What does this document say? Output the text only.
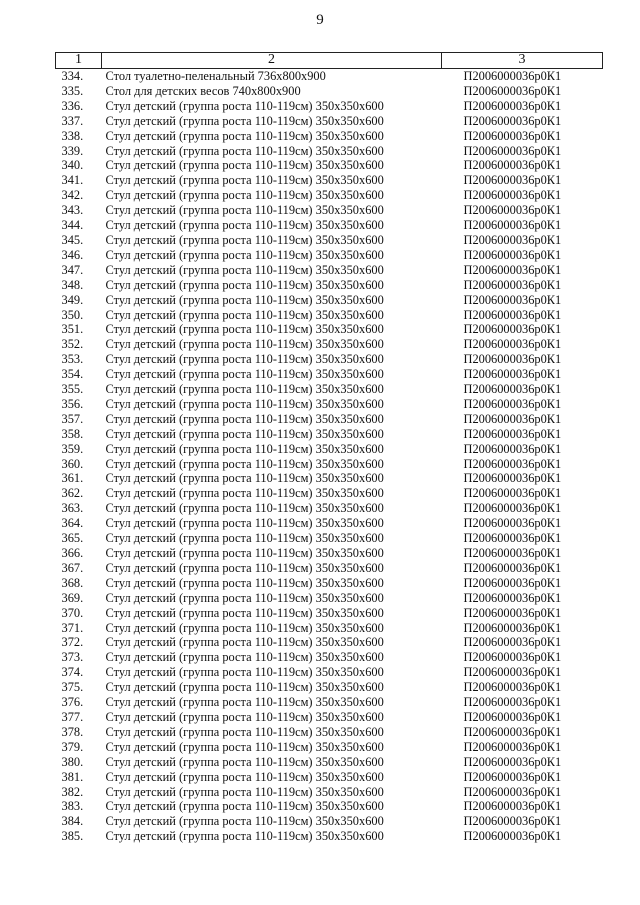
9
1	2	3
334.	Стол туалетно-пеленальный 736x800x900	П2006000036р0К1
335.	Стол для детских весов 740x800x900	П2006000036р0К1
336.	Стул детский (группа роста 110-119см) 350x350x600	П2006000036р0К1
337.	Стул детский (группа роста 110-119см) 350x350x600	П2006000036р0К1
338.	Стул детский (группа роста 110-119см) 350x350x600	П2006000036р0К1
339.	Стул детский (группа роста 110-119см) 350x350x600	П2006000036р0К1
340.	Стул детский (группа роста 110-119см) 350x350x600	П2006000036р0К1
341.	Стул детский (группа роста 110-119см) 350x350x600	П2006000036р0К1
342.	Стул детский (группа роста 110-119см) 350x350x600	П2006000036р0К1
343.	Стул детский (группа роста 110-119см) 350x350x600	П2006000036р0К1
344.	Стул детский (группа роста 110-119см) 350x350x600	П2006000036р0К1
345.	Стул детский (группа роста 110-119см) 350x350x600	П2006000036р0К1
346.	Стул детский (группа роста 110-119см) 350x350x600	П2006000036р0К1
347.	Стул детский (группа роста 110-119см) 350x350x600	П2006000036р0К1
348.	Стул детский (группа роста 110-119см) 350x350x600	П2006000036р0К1
349.	Стул детский (группа роста 110-119см) 350x350x600	П2006000036р0К1
350.	Стул детский (группа роста 110-119см) 350x350x600	П2006000036р0К1
351.	Стул детский (группа роста 110-119см) 350x350x600	П2006000036р0К1
352.	Стул детский (группа роста 110-119см) 350x350x600	П2006000036р0К1
353.	Стул детский (группа роста 110-119см) 350x350x600	П2006000036р0К1
354.	Стул детский (группа роста 110-119см) 350x350x600	П2006000036р0К1
355.	Стул детский (группа роста 110-119см) 350x350x600	П2006000036р0К1
356.	Стул детский (группа роста 110-119см) 350x350x600	П2006000036р0К1
357.	Стул детский (группа роста 110-119см) 350x350x600	П2006000036р0К1
358.	Стул детский (группа роста 110-119см) 350x350x600	П2006000036р0К1
359.	Стул детский (группа роста 110-119см) 350x350x600	П2006000036р0К1
360.	Стул детский (группа роста 110-119см) 350x350x600	П2006000036р0К1
361.	Стул детский (группа роста 110-119см) 350x350x600	П2006000036р0К1
362.	Стул детский (группа роста 110-119см) 350x350x600	П2006000036р0К1
363.	Стул детский (группа роста 110-119см) 350x350x600	П2006000036р0К1
364.	Стул детский (группа роста 110-119см) 350x350x600	П2006000036р0К1
365.	Стул детский (группа роста 110-119см) 350x350x600	П2006000036р0К1
366.	Стул детский (группа роста 110-119см) 350x350x600	П2006000036р0К1
367.	Стул детский (группа роста 110-119см) 350x350x600	П2006000036р0К1
368.	Стул детский (группа роста 110-119см) 350x350x600	П2006000036р0К1
369.	Стул детский (группа роста 110-119см) 350x350x600	П2006000036р0К1
370.	Стул детский (группа роста 110-119см) 350x350x600	П2006000036р0К1
371.	Стул детский (группа роста 110-119см) 350x350x600	П2006000036р0К1
372.	Стул детский (группа роста 110-119см) 350x350x600	П2006000036р0К1
373.	Стул детский (группа роста 110-119см) 350x350x600	П2006000036р0К1
374.	Стул детский (группа роста 110-119см) 350x350x600	П2006000036р0К1
375.	Стул детский (группа роста 110-119см) 350x350x600	П2006000036р0К1
376.	Стул детский (группа роста 110-119см) 350x350x600	П2006000036р0К1
377.	Стул детский (группа роста 110-119см) 350x350x600	П2006000036р0К1
378.	Стул детский (группа роста 110-119см) 350x350x600	П2006000036р0К1
379.	Стул детский (группа роста 110-119см) 350x350x600	П2006000036р0К1
380.	Стул детский (группа роста 110-119см) 350x350x600	П2006000036р0К1
381.	Стул детский (группа роста 110-119см) 350x350x600	П2006000036р0К1
382.	Стул детский (группа роста 110-119см) 350x350x600	П2006000036р0К1
383.	Стул детский (группа роста 110-119см) 350x350x600	П2006000036р0К1
384.	Стул детский (группа роста 110-119см) 350x350x600	П2006000036р0К1
385.	Стул детский (группа роста 110-119см) 350x350x600	П2006000036р0К1
